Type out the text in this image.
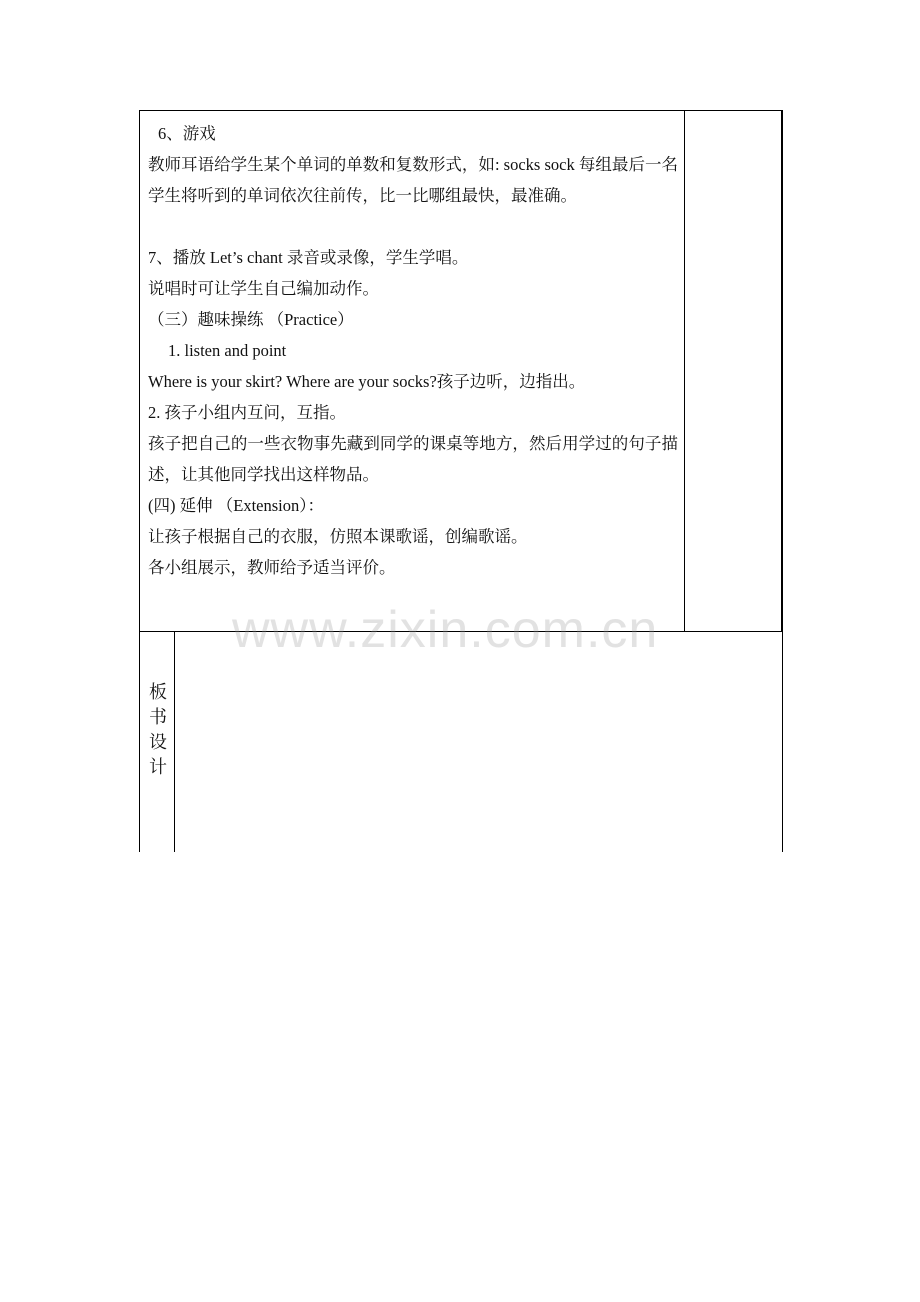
6、游戏

教师耳语给学生某个单词的单数和复数形式，如: socks sock 每组最后一名学生将听到的单词依次往前传，比一比哪组最快，最准确。

7、播放 Let’s chant 录音或录像，学生学唱。

说唱时可让学生自己编加动作。

（三）趣味操练 （Practice）

1. listen and point

Where is your skirt? Where are your socks?孩子边听，边指出。

2. 孩子小组内互问，互指。

孩子把自己的一些衣物事先藏到同学的课桌等地方，然后用学过的句子描述，让其他同学找出这样物品。

(四) 延伸 （Extension）：

让孩子根据自己的衣服，仿照本课歌谣，创编歌谣。

各小组展示，教师给予适当评价。

板
书
设
计
www.zixin.com.cn
